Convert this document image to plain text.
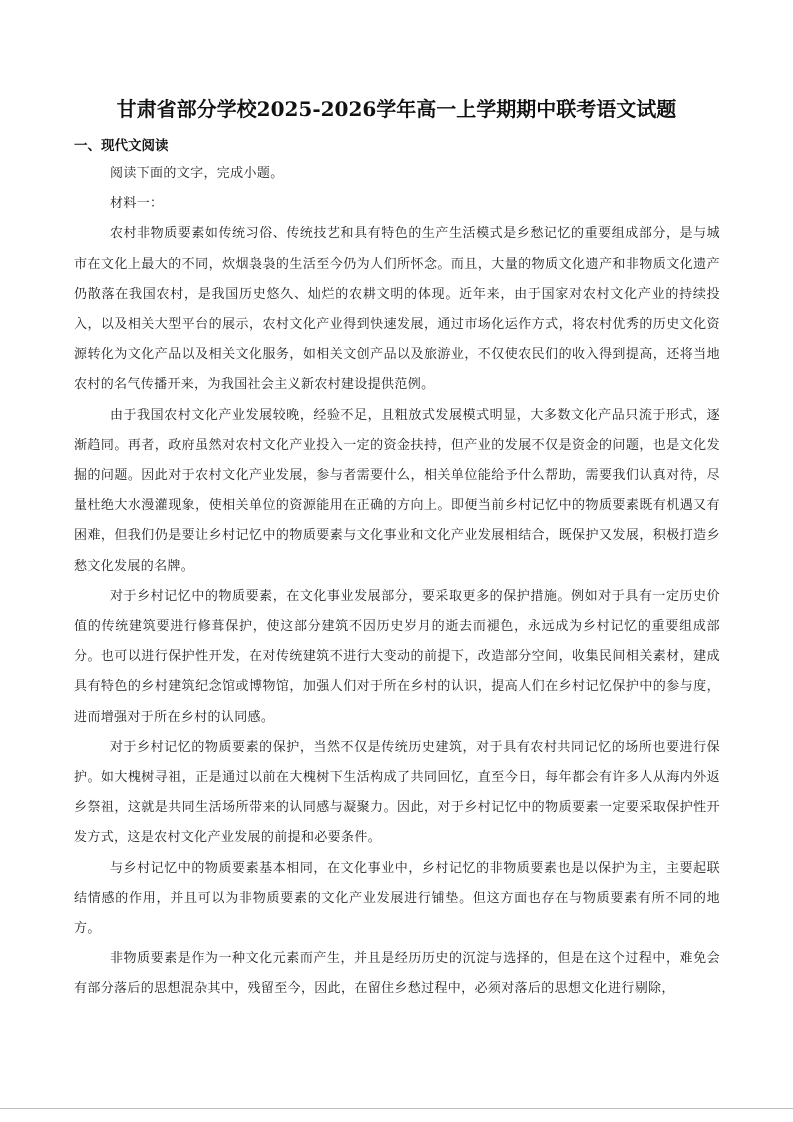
甘肃省部分学校2025-2026学年高一上学期期中联考语文试题
一、现代文阅读

阅读下面的文字，完成小题。

材料一：

农村非物质要素如传统习俗、传统技艺和具有特色的生产生活模式是乡愁记忆的重要组成部分，是与城市在文化上最大的不同，炊烟袅袅的生活至今仍为人们所怀念。而且，大量的物质文化遗产和非物质文化遗产仍散落在我国农村，是我国历史悠久、灿烂的农耕文明的体现。近年来，由于国家对农村文化产业的持续投入，以及相关大型平台的展示，农村文化产业得到快速发展，通过市场化运作方式，将农村优秀的历史文化资源转化为文化产品以及相关文化服务，如相关文创产品以及旅游业，不仅使农民们的收入得到提高，还将当地农村的名气传播开来，为我国社会主义新农村建设提供范例。

由于我国农村文化产业发展较晚，经验不足，且粗放式发展模式明显，大多数文化产品只流于形式，逐渐趋同。再者，政府虽然对农村文化产业投入一定的资金扶持，但产业的发展不仅是资金的问题，也是文化发掘的问题。因此对于农村文化产业发展，参与者需要什么，相关单位能给予什么帮助，需要我们认真对待，尽量杜绝大水漫灌现象，使相关单位的资源能用在正确的方向上。即便当前乡村记忆中的物质要素既有机遇又有困难，但我们仍是要让乡村记忆中的物质要素与文化事业和文化产业发展相结合，既保护又发展，积极打造乡愁文化发展的名牌。

对于乡村记忆中的物质要素，在文化事业发展部分，要采取更多的保护措施。例如对于具有一定历史价值的传统建筑要进行修葺保护，使这部分建筑不因历史岁月的逝去而褪色，永远成为乡村记忆的重要组成部分。也可以进行保护性开发，在对传统建筑不进行大变动的前提下，改造部分空间，收集民间相关素材，建成具有特色的乡村建筑纪念馆或博物馆，加强人们对于所在乡村的认识，提高人们在乡村记忆保护中的参与度，进而增强对于所在乡村的认同感。

对于乡村记忆的物质要素的保护，当然不仅是传统历史建筑，对于具有农村共同记忆的场所也要进行保护。如大槐树寻祖，正是通过以前在大槐树下生活构成了共同回忆，直至今日，每年都会有许多人从海内外返乡祭祖，这就是共同生活场所带来的认同感与凝聚力。因此，对于乡村记忆中的物质要素一定要采取保护性开发方式，这是农村文化产业发展的前提和必要条件。

与乡村记忆中的物质要素基本相同，在文化事业中，乡村记忆的非物质要素也是以保护为主，主要起联结情感的作用，并且可以为非物质要素的文化产业发展进行铺垫。但这方面也存在与物质要素有所不同的地方。

非物质要素是作为一种文化元素而产生，并且是经历历史的沉淀与选择的，但是在这个过程中，难免会有部分落后的思想混杂其中，残留至今，因此，在留住乡愁过程中，必须对落后的思想文化进行剔除，
